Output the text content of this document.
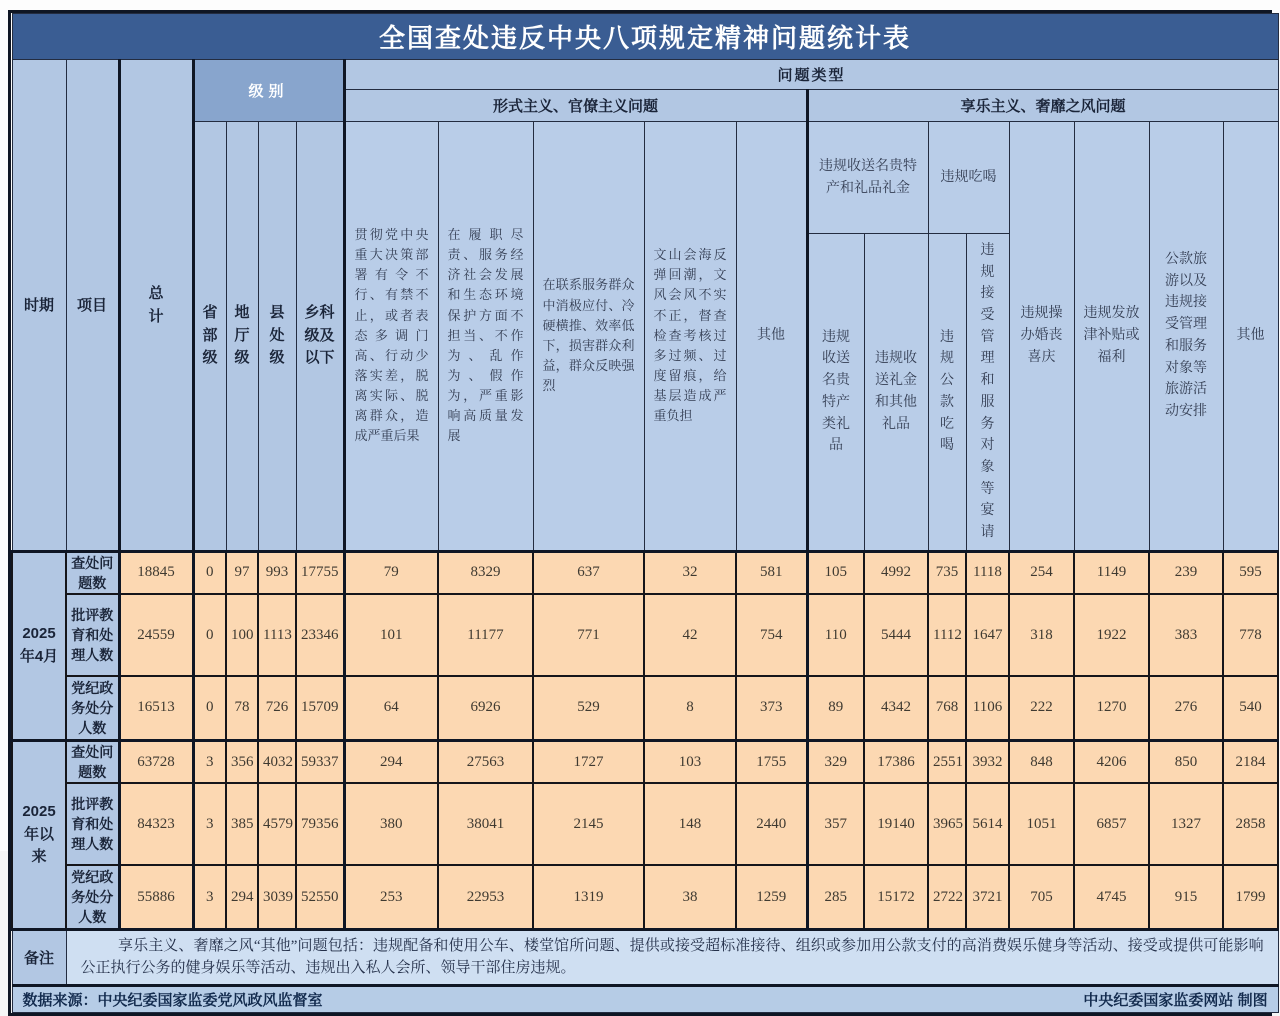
全国查处违反中央八项规定精神问题统计表																			
时期	项目	总计	级别				问题类型												
							形式主义、官僚主义问题					享乐主义、奢靡之风问题							
			省部级	地厅级	县处级	乡科级及以下	贯彻党中央重大决策部署有令不行、有禁不止，或者表态多调门高、行动少落实差，脱离实际、脱离群众，造成严重后果	在履职尽责、服务经济社会发展和生态环境保护方面不担当、不作为、乱作为、假作为，严重影响高质量发展	在联系服务群众中消极应付、冷硬横推、效率低下，损害群众利益，群众反映强烈	文山会海反弹回潮，文风会风不实不正，督查检查考核过多过频、过度留痕，给基层造成严重负担	其他	违规收送名贵特产和礼品礼金		违规吃喝		违规操办婚丧喜庆	违规发放津补贴或福利	公款旅游以及违规接受管理和服务对象等旅游活动安排	其他
												违规收送名贵特产类礼品	违规收送礼金和其他礼品	违规公款吃喝	违规接受管理和服务对象等宴请				
2025年4月	查处问题数	18845	0	97	993	17755	79	8329	637	32	581	105	4992	735	1118	254	1149	239	595
	批评教育和处理人数	24559	0	100	1113	23346	101	11177	771	42	754	110	5444	1112	1647	318	1922	383	778
	党纪政务处分人数	16513	0	78	726	15709	64	6926	529	8	373	89	4342	768	1106	222	1270	276	540
2025年以来	查处问题数	63728	3	356	4032	59337	294	27563	1727	103	1755	329	17386	2551	3932	848	4206	850	2184
	批评教育和处理人数	84323	3	385	4579	79356	380	38041	2145	148	2440	357	19140	3965	5614	1051	6857	1327	2858
	党纪政务处分人数	55886	3	294	3039	52550	253	22953	1319	38	1259	285	15172	2722	3721	705	4745	915	1799
备注	享乐主义、奢靡之风“其他”问题包括：违规配备和使用公车、楼堂馆所问题、提供或接受超标准接待、组织或参加用公款支付的高消费娱乐健身等活动、接受或提供可能影响公正执行公务的健身娱乐等活动、违规出入私人会所、领导干部住房违规。																		

数据来源：中央纪委国家监委党风政风监督室 中央纪委国家监委网站 制图																			
